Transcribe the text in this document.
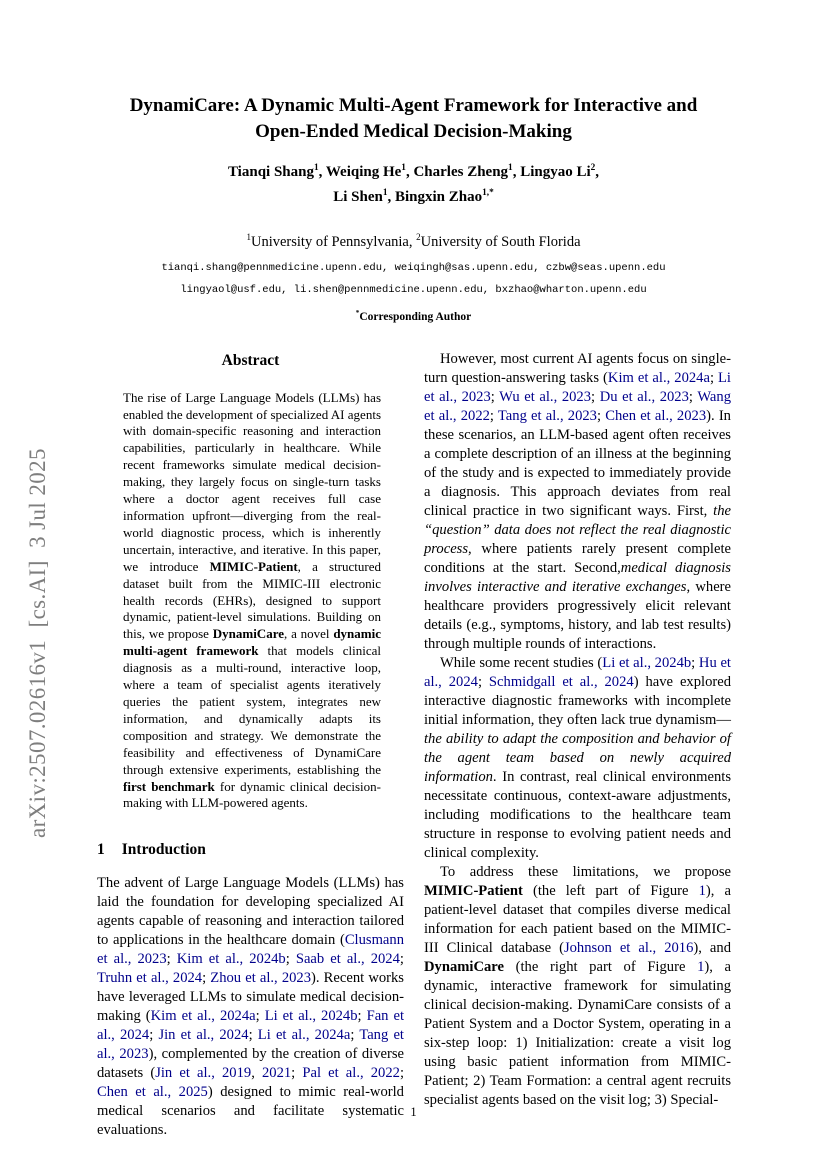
arXiv:2507.02616v1  [cs.AI]  3 Jul 2025
DynamiCare: A Dynamic Multi-Agent Framework for Interactive and Open-Ended Medical Decision-Making
Tianqi Shang$^1$, Weiqing He$^1$, Charles Zheng$^1$, Lingyao Li$^2$,
Li Shen$^1$, Bingxin Zhao$^{1,*}$
$^1$University of Pennsylvania, $^2$University of South Florida
tianqi.shang@pennmedicine.upenn.edu, weiqingh@sas.upenn.edu, czbw@seas.upenn.edu
lingyaol@usf.edu, li.shen@pennmedicine.upenn.edu, bxzhao@wharton.upenn.edu
*Corresponding Author
Abstract

The rise of Large Language Models (LLMs) has enabled the development of specialized AI agents with domain-specific reasoning and interaction capabilities, particularly in healthcare. While recent frameworks simulate medical decision-making, they largely focus on single-turn tasks where a doctor agent receives full case information upfront—diverging from the real-world diagnostic process, which is inherently uncertain, interactive, and iterative. In this paper, we introduce MIMIC-Patient, a structured dataset built from the MIMIC-III electronic health records (EHRs), designed to support dynamic, patient-level simulations. Building on this, we propose DynamiCare, a novel dynamic multi-agent framework that models clinical diagnosis as a multi-round, interactive loop, where a team of specialist agents iteratively queries the patient system, integrates new information, and dynamically adapts its composition and strategy. We demonstrate the feasibility and effectiveness of DynamiCare through extensive experiments, establishing the first benchmark for dynamic clinical decision-making with LLM-powered agents.

1 Introduction

The advent of Large Language Models (LLMs) has laid the foundation for developing specialized AI agents capable of reasoning and interaction tailored to applications in the healthcare domain (Clusmann et al., 2023; Kim et al., 2024b; Saab et al., 2024; Truhn et al., 2024; Zhou et al., 2023). Recent works have leveraged LLMs to simulate medical decision-making (Kim et al., 2024a; Li et al., 2024b; Fan et al., 2024; Jin et al., 2024; Li et al., 2024a; Tang et al., 2023), complemented by the creation of diverse datasets (Jin et al., 2019, 2021; Pal et al., 2022; Chen et al., 2025) designed to mimic real-world medical scenarios and facilitate systematic evaluations.

However, most current AI agents focus on single-turn question-answering tasks (Kim et al., 2024a; Li et al., 2023; Wu et al., 2023; Du et al., 2023; Wang et al., 2022; Tang et al., 2023; Chen et al., 2023). In these scenarios, an LLM-based agent often receives a complete description of an illness at the beginning of the study and is expected to immediately provide a diagnosis. This approach deviates from real clinical practice in two significant ways. First, the “question” data does not reflect the real diagnostic process, where patients rarely present complete conditions at the start. Second,medical diagnosis involves interactive and iterative exchanges, where healthcare providers progressively elicit relevant details (e.g., symptoms, history, and lab test results) through multiple rounds of interactions.

While some recent studies (Li et al., 2024b; Hu et al., 2024; Schmidgall et al., 2024) have explored interactive diagnostic frameworks with incomplete initial information, they often lack true dynamism—the ability to adapt the composition and behavior of the agent team based on newly acquired information. In contrast, real clinical environments necessitate continuous, context-aware adjustments, including modifications to the healthcare team structure in response to evolving patient needs and clinical complexity.

To address these limitations, we propose MIMIC-Patient (the left part of Figure 1), a patient-level dataset that compiles diverse medical information for each patient based on the MIMIC-III Clinical database (Johnson et al., 2016), and DynamiCare (the right part of Figure 1), a dynamic, interactive framework for simulating clinical decision-making. DynamiCare consists of a Patient System and a Doctor System, operating in a six-step loop: 1) Initialization: create a visit log using basic patient information from MIMIC-Patient; 2) Team Formation: a central agent recruits specialist agents based on the visit log; 3) Special-

1
